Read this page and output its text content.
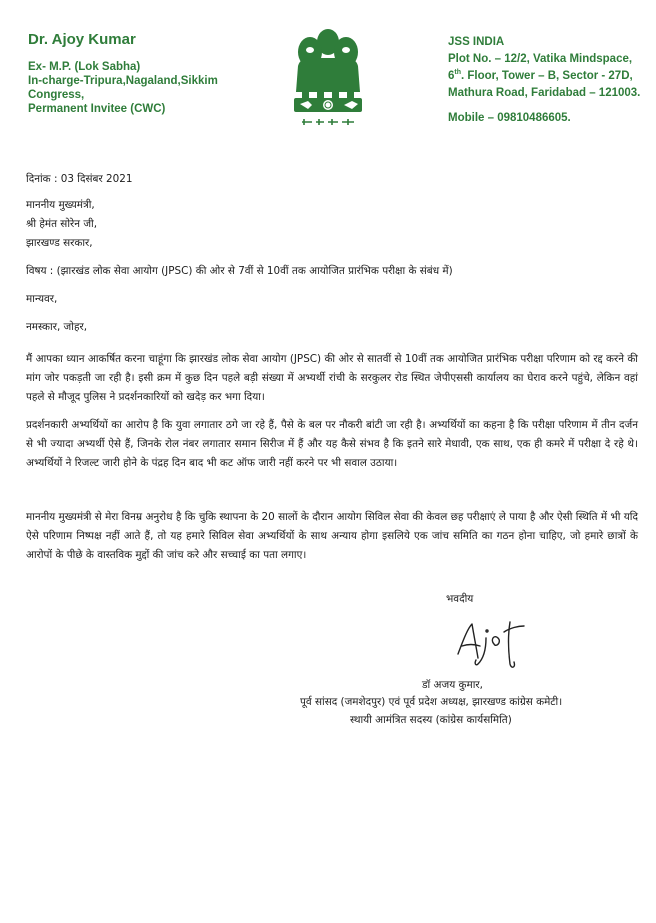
Dr. Ajoy Kumar
Ex- M.P. (Lok Sabha)
In-charge-Tripura,Nagaland,Sikkim
Congress,
Permanent Invitee (CWC)
JSS INDIA
Plot No. – 12/2, Vatika Mindspace,
6th. Floor, Tower – B, Sector - 27D,
Mathura Road, Faridabad – 121003.
Mobile – 09810486605.
दिनांक : 03 दिसंबर 2021
माननीय मुख्यमंत्री,
श्री हेमंत सोरेन जी,
झारखण्ड सरकार,
विषय : (झारखंड लोक सेवा आयोग (JPSC) की ओर से 7वीं से 10वीं तक आयोजित प्रारंभिक परीक्षा के संबंध में)
मान्यवर,
नमस्कार, जोहर,
मैं आपका ध्यान आकर्षित करना चाहूंगा कि झारखंड लोक सेवा आयोग (JPSC) की ओर से सातवीं से 10वीं तक आयोजित प्रारंभिक परीक्षा परिणाम को रद्द करने की मांग जोर पकड़ती जा रही है। इसी क्रम में कुछ दिन पहले बड़ी संख्या में अभ्यर्थी रांची के सरकुलर रोड स्थित जेपीएससी कार्यालय का घेराव करने पहुंचे, लेकिन वहां पहले से मौजूद पुलिस ने प्रदर्शनकारियों को खदेड़ कर भगा दिया।
प्रदर्शनकारी अभ्यर्थियों का आरोप है कि युवा लगातार ठगे जा रहे हैं, पैसे के बल पर नौकरी बांटी जा रही है। अभ्यर्थियों का कहना है कि परीक्षा परिणाम में तीन दर्जन से भी ज्यादा अभ्यर्थी ऐसे हैं, जिनके रोल नंबर लगातार समान सिरीज में हैं और यह कैसे संभव है कि इतने सारे मेधावी, एक साथ, एक ही कमरे में परीक्षा दे रहे थे। अभ्यर्थियों ने रिजल्ट जारी होने के पंद्रह दिन बाद भी कट ऑफ जारी नहीं करने पर भी सवाल उठाया।
माननीय मुख्यमंत्री से मेरा विनम्र अनुरोध है कि चुकि स्थापना के 20 सालों के दौरान आयोग सिविल सेवा की केवल छह परीक्षाएं ले पाया है और ऐसी स्थिति में भी यदि ऐसे परिणाम निष्पक्ष नहीं आते हैं, तो यह हमारे सिविल सेवा अभ्यर्थियों के साथ अन्याय होगा इसलिये एक जांच समिति का गठन होना चाहिए, जो हमारे छात्रों के आरोपों के पीछे के वास्तविक मुद्दों की जांच करे और सच्चाई का पता लगाए।
भवदीय
डॉ अजय कुमार,
पूर्व सांसद (जमशेदपुर) एवं पूर्व प्रदेश अध्यक्ष, झारखण्ड कांग्रेस कमेटी।
स्थायी आमंत्रित सदस्य (कांग्रेस कार्यसमिति)
